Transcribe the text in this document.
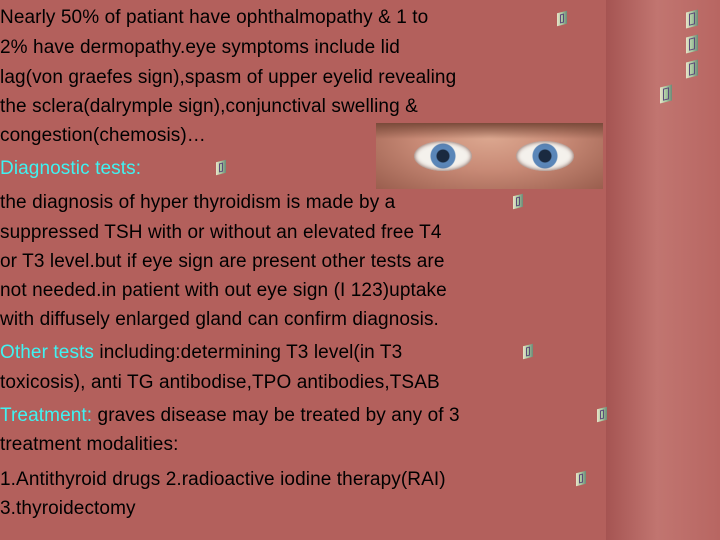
Nearly 50% of patiant have ophthalmopathy & 1 to
2% have dermopathy.eye symptoms include lid
lag(von graefes sign),spasm of upper eyelid revealing
the sclera(dalrymple sign),conjunctival swelling &
congestion(chemosis)…
Diagnostic tests:
the diagnosis of hyper thyroidism is made by a
suppressed TSH with or without an elevated free T4
or T3 level.but if eye sign are present other tests are
not needed.in patient with out eye sign (I 123)uptake
with diffusely enlarged gland can confirm diagnosis.
Other tests including:determining T3 level(in T3
toxicosis), anti TG antibodise,TPO antibodies,TSAB
Treatment: graves disease may be treated by any of 3
treatment modalities:
1.Antithyroid drugs 2.radioactive iodine therapy(RAI)
3.thyroidectomy
